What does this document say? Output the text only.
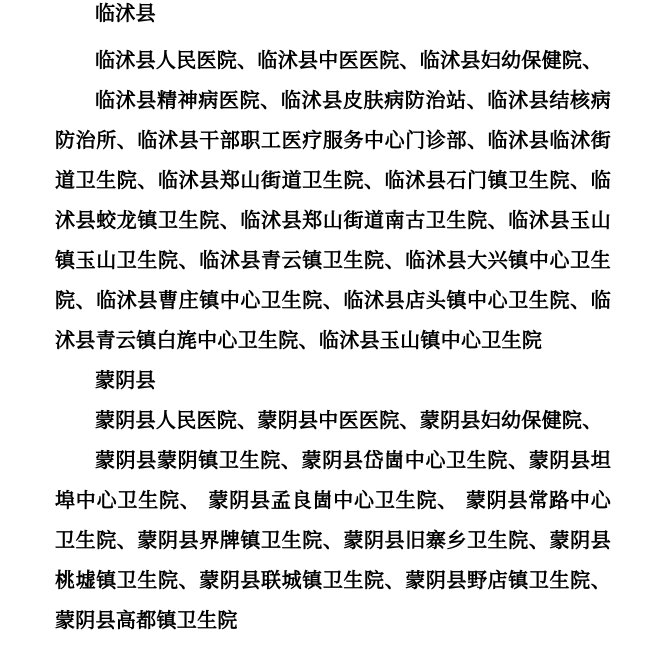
临沭县

临沭县人民医院、临沭县中医医院、临沭县妇幼保健院、

临沭县精神病医院、临沭县皮肤病防治站、临沭县结核病防治所、临沭县干部职工医疗服务中心门诊部、临沭县临沭街道卫生院、临沭县郑山街道卫生院、临沭县石门镇卫生院、临沭县蛟龙镇卫生院、临沭县郑山街道南古卫生院、临沭县玉山镇玉山卫生院、临沭县青云镇卫生院、临沭县大兴镇中心卫生院、临沭县曹庄镇中心卫生院、临沭县店头镇中心卫生院、临沭县青云镇白旄中心卫生院、临沭县玉山镇中心卫生院

蒙阴县

蒙阴县人民医院、蒙阴县中医医院、蒙阴县妇幼保健院、

蒙阴县蒙阴镇卫生院、蒙阴县岱崮中心卫生院、蒙阴县坦埠中心卫生院、 蒙阴县孟良崮中心卫生院、 蒙阴县常路中心卫生院、蒙阴县界牌镇卫生院、蒙阴县旧寨乡卫生院、蒙阴县桃墟镇卫生院、蒙阴县联城镇卫生院、蒙阴县野店镇卫生院、蒙阴县高都镇卫生院
